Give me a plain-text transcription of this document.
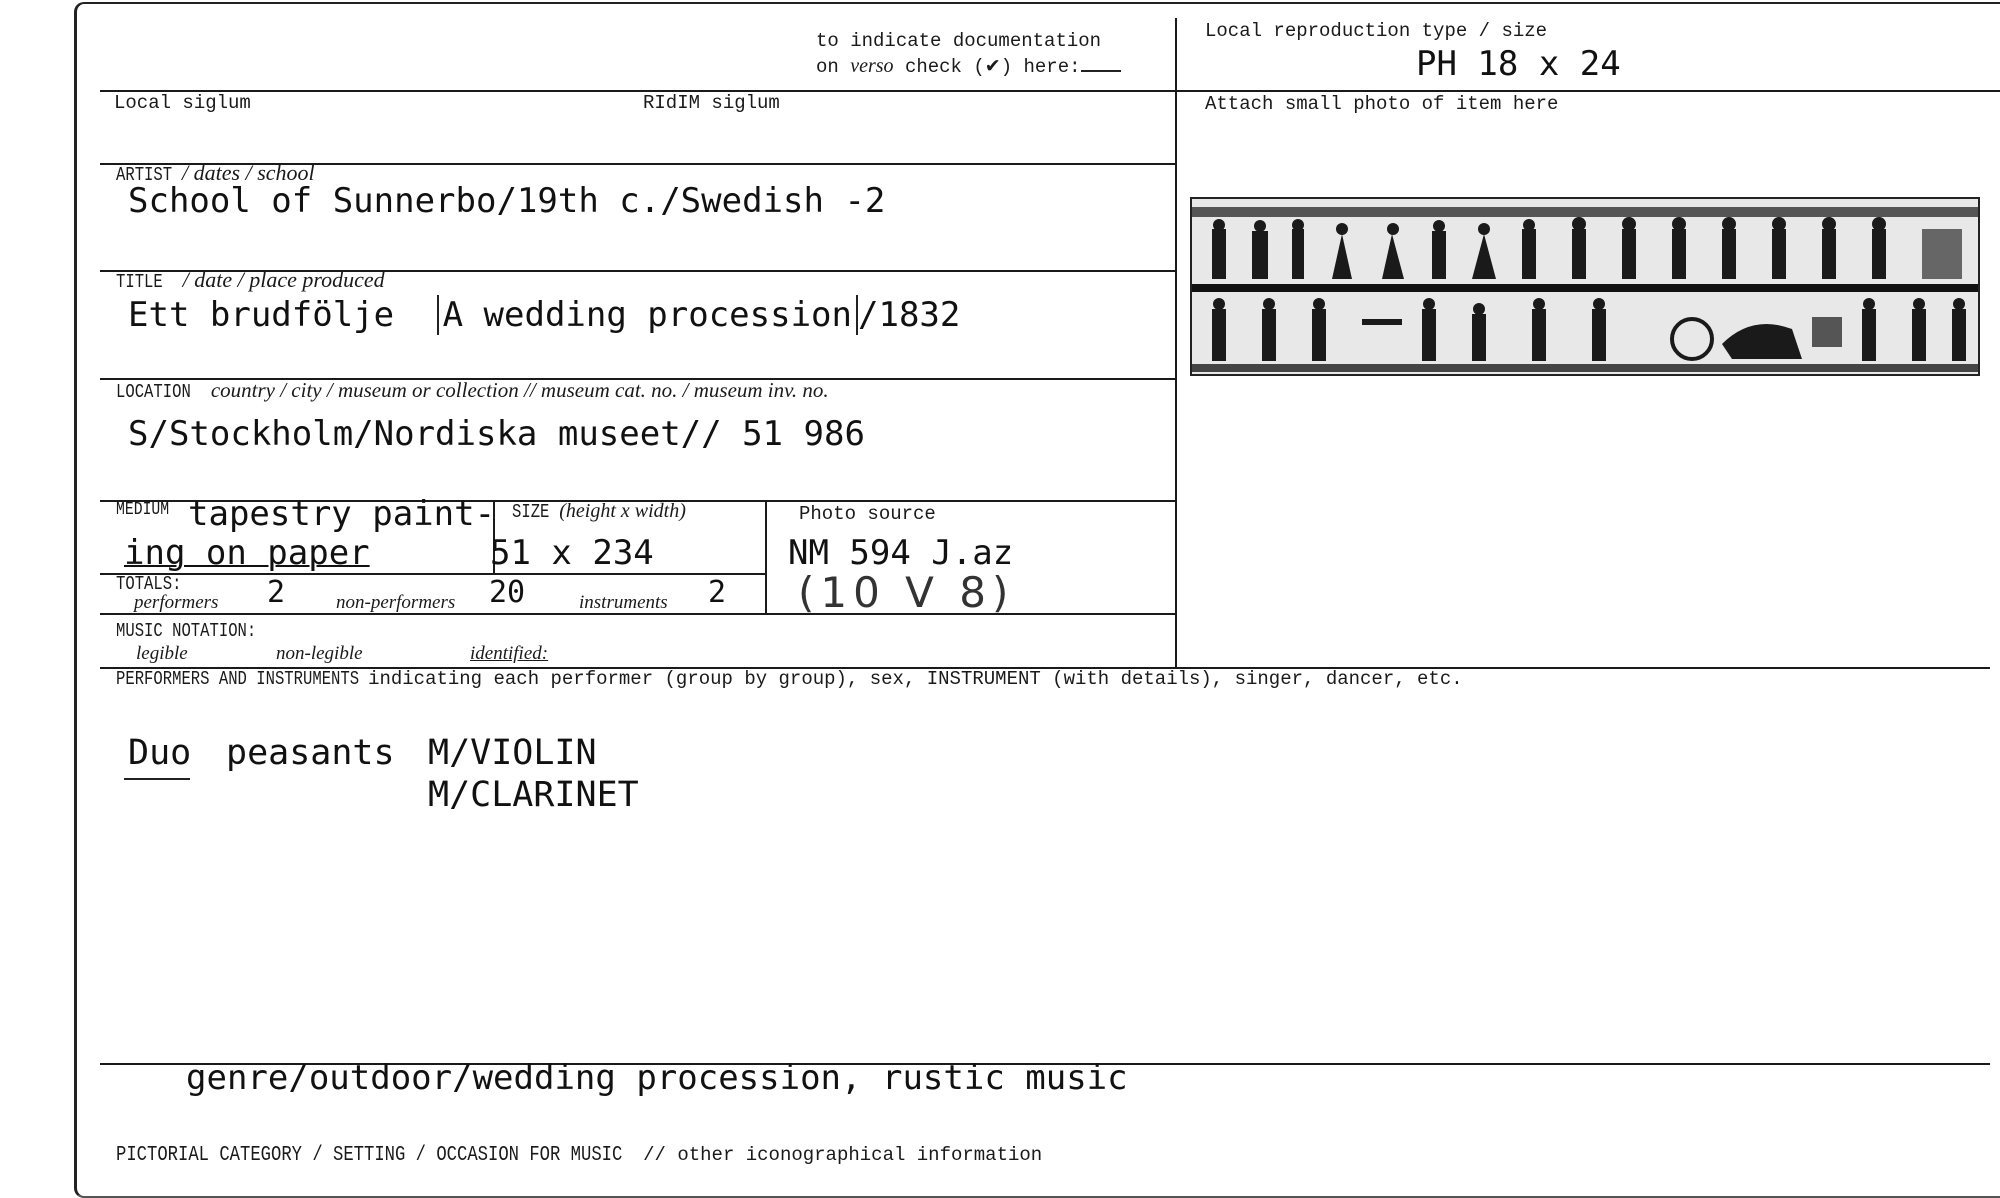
to indicate documentation
on verso check (✔) here:
Local reproduction type / size
PH 18 x 24
Local siglum	RIdIM siglum	Attach small photo of item here
ARTIST / dates / school
School of Sunnerbo/19th c./Swedish -2
TITLE / date / place produced
Ett brudfölje A wedding procession /1832
LOCATION country / city / museum or collection // museum cat. no. / museum inv. no.
S/Stockholm/Nordiska museet// 51 986
MEDIUM tapestry paint-
ing on paper
SIZE (height x width)
51 x 234
Photo source
NM 594 J.az
(10 V 8)
TOTALS:
performers 2	non-performers 20	instruments 2
MUSIC NOTATION:
legible	non-legible	identified:
PERFORMERS AND INSTRUMENTS indicating each performer (group by group), sex, INSTRUMENT (with details), singer, dancer, etc.
Duo peasants M/VIOLIN
M/CLARINET
genre/outdoor/wedding procession, rustic music
PICTORIAL CATEGORY / SETTING / OCCASION FOR MUSIC // other iconographical information
